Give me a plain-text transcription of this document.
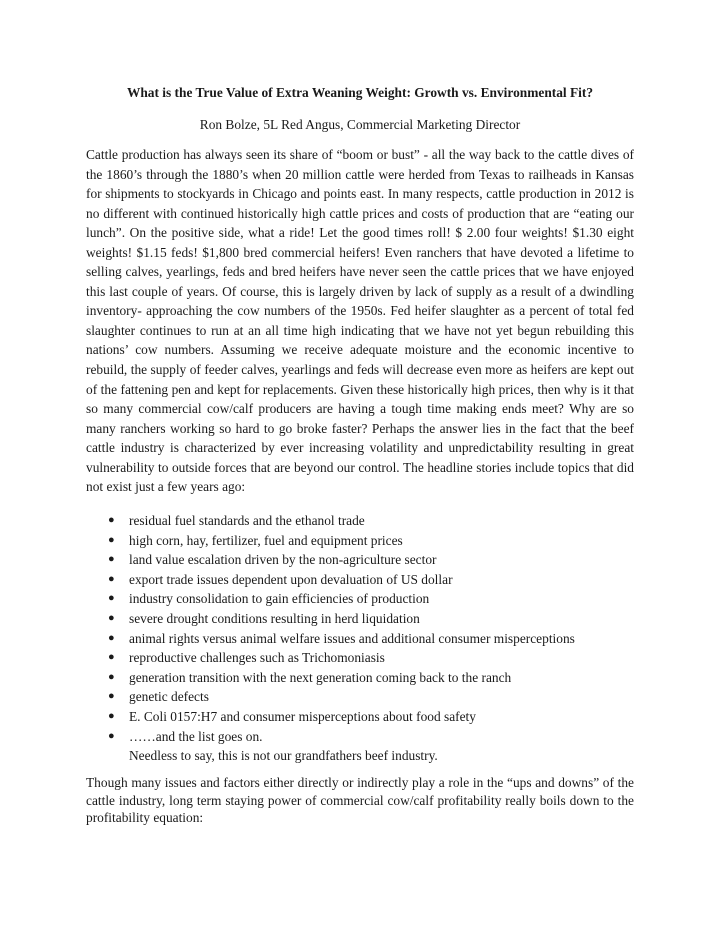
What is the True Value of Extra Weaning Weight: Growth vs. Environmental Fit?
Ron Bolze, 5L Red Angus, Commercial Marketing Director
Cattle production has always seen its share of “boom or bust” - all the way back to the cattle dives of the 1860’s through the 1880’s when 20 million cattle were herded from Texas to railheads in Kansas for shipments to stockyards in Chicago and points east. In many respects, cattle production in 2012 is no different with continued historically high cattle prices and costs of production that are “eating our lunch”. On the positive side, what a ride! Let the good times roll! $ 2.00 four weights! $1.30 eight weights! $1.15 feds! $1,800 bred commercial heifers! Even ranchers that have devoted a lifetime to selling calves, yearlings, feds and bred heifers have never seen the cattle prices that we have enjoyed this last couple of years. Of course, this is largely driven by lack of supply as a result of a dwindling inventory- approaching the cow numbers of the 1950s. Fed heifer slaughter as a percent of total fed slaughter continues to run at an all time high indicating that we have not yet begun rebuilding this nations’ cow numbers. Assuming we receive adequate moisture and the economic incentive to rebuild, the supply of feeder calves, yearlings and feds will decrease even more as heifers are kept out of the fattening pen and kept for replacements. Given these historically high prices, then why is it that so many commercial cow/calf producers are having a tough time making ends meet? Why are so many ranchers working so hard to go broke faster? Perhaps the answer lies in the fact that the beef cattle industry is characterized by ever increasing volatility and unpredictability resulting in great vulnerability to outside forces that are beyond our control. The headline stories include topics that did not exist just a few years ago:
● residual fuel standards and the ethanol trade
● high corn, hay, fertilizer, fuel and equipment prices
● land value escalation driven by the non-agriculture sector
● export trade issues dependent upon devaluation of US dollar
● industry consolidation to gain efficiencies of production
● severe drought conditions resulting in herd liquidation
● animal rights versus animal welfare issues and additional consumer misperceptions
● reproductive challenges such as Trichomoniasis
● generation transition with the next generation coming back to the ranch
● genetic defects
● E. Coli 0157:H7 and consumer misperceptions about food safety
● ……and the list goes on.
Needless to say, this is not our grandfathers beef industry.
Though many issues and factors either directly or indirectly play a role in the “ups and downs” of the cattle industry, long term staying power of commercial cow/calf profitability really boils down to the profitability equation:
